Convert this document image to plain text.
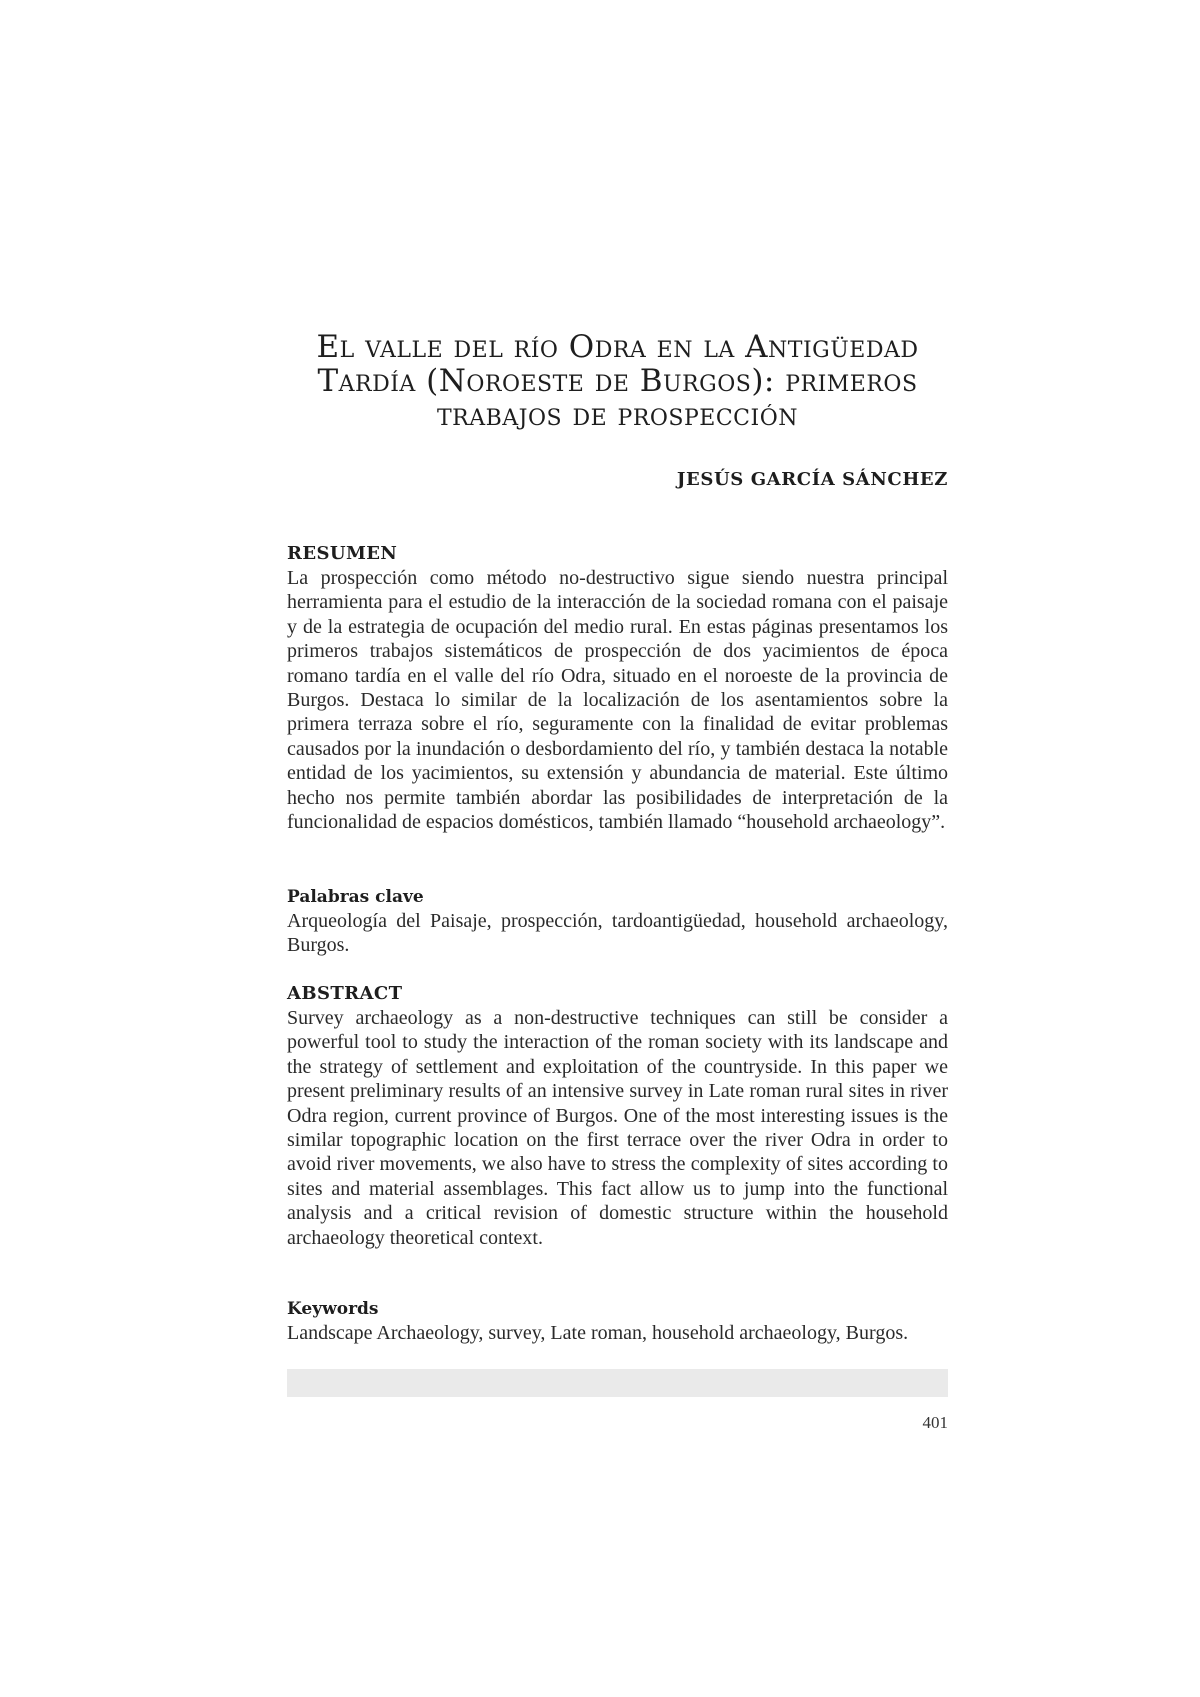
El valle del río Odra en la Antigüedad
Tardía (Noroeste de Burgos): primeros
trabajos de prospección

JESÚS GARCÍA SÁNCHEZ

RESUMEN

La prospección como método no-destructivo sigue siendo nuestra principal herramienta para el estudio de la interacción de la sociedad romana con el paisaje y de la estrategia de ocupación del medio rural. En estas páginas presentamos los primeros trabajos sistemáticos de prospección de dos yacimientos de época romano tardía en el valle del río Odra, situado en el noroeste de la provincia de Burgos. Destaca lo similar de la localización de los asentamientos sobre la primera terraza sobre el río, seguramente con la finalidad de evitar problemas causados por la inundación o desbordamiento del río, y también destaca la notable entidad de los yacimientos, su extensión y abundancia de material. Este último hecho nos permite también abordar las posibilidades de interpretación de la funcionalidad de espacios domésticos, también llamado “household archaeology”.

Palabras clave

Arqueología del Paisaje, prospección, tardoantigüedad, household archaeology, Burgos.

ABSTRACT

Survey archaeology as a non-destructive techniques can still be consider a powerful tool to study the interaction of the roman society with its landscape and the strategy of settlement and exploitation of the countryside. In this paper we present preliminary results of an intensive survey in Late roman rural sites in river Odra region, current province of Burgos. One of the most interesting issues is the similar topographic location on the first terrace over the river Odra in order to avoid river movements, we also have to stress the complexity of sites according to sites and material assemblages. This fact allow us to jump into the functional analysis and a critical revision of domestic structure within the household archaeology theoretical context.

Keywords

Landscape Archaeology, survey, Late roman, household archaeology, Burgos.

401
